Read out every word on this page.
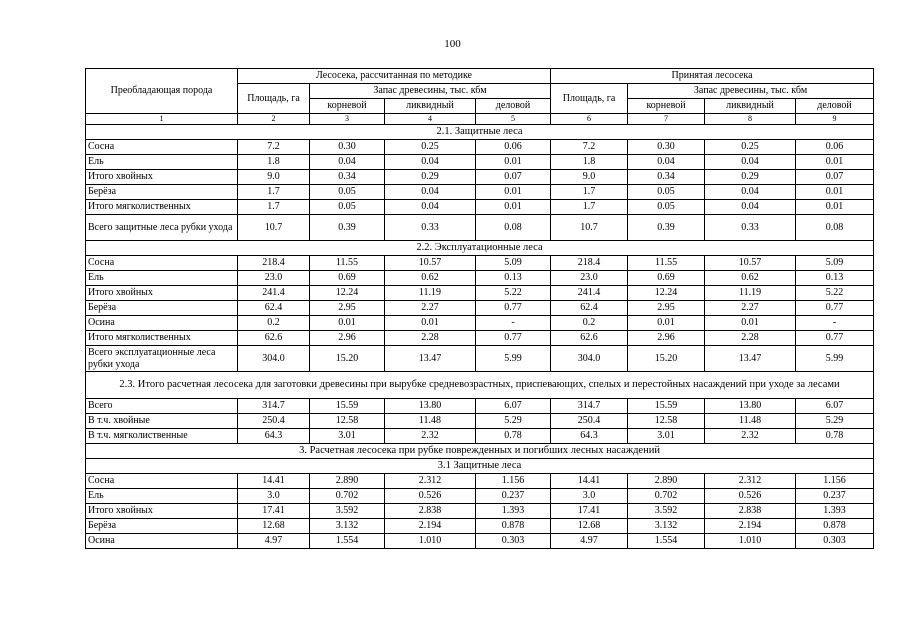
100
Преобладающая порода	Лесосека, рассчитанная по методике				Принятая лесосека			
	Площадь, га	Запас древесины, тыс. кбм			Площадь, га	Запас древесины, тыс. кбм		
		корневой	ликвидный	деловой		корневой	ликвидный	деловой
1	2	3	4	5	6	7	8	9
2.1. Защитные леса								
Сосна	7.2	0.30	0.25	0.06	7.2	0.30	0.25	0.06
Ель	1.8	0.04	0.04	0.01	1.8	0.04	0.04	0.01
Итого хвойных	9.0	0.34	0.29	0.07	9.0	0.34	0.29	0.07
Берёза	1.7	0.05	0.04	0.01	1.7	0.05	0.04	0.01
Итого мягколиственных	1.7	0.05	0.04	0.01	1.7	0.05	0.04	0.01
Всего защитные леса рубки ухода	10.7	0.39	0.33	0.08	10.7	0.39	0.33	0.08
2.2. Эксплуатационные леса								
Сосна	218.4	11.55	10.57	5.09	218.4	11.55	10.57	5.09
Ель	23.0	0.69	0.62	0.13	23.0	0.69	0.62	0.13
Итого хвойных	241.4	12.24	11.19	5.22	241.4	12.24	11.19	5.22
Берёза	62.4	2.95	2.27	0.77	62.4	2.95	2.27	0.77
Осина	0.2	0.01	0.01	-	0.2	0.01	0.01	-
Итого мягколиственных	62.6	2.96	2.28	0.77	62.6	2.96	2.28	0.77
Всего эксплуатационные леса рубки ухода	304.0	15.20	13.47	5.99	304.0	15.20	13.47	5.99
2.3. Итого расчетная лесосека для заготовки древесины при вырубке средневозрастных, приспевающих, спелых и перестойных насаждений при уходе за лесами								
Всего	314.7	15.59	13.80	6.07	314.7	15.59	13.80	6.07
В т.ч. хвойные	250.4	12.58	11.48	5.29	250.4	12.58	11.48	5.29
В т.ч. мягколиственные	64.3	3.01	2.32	0.78	64.3	3.01	2.32	0.78
3. Расчетная лесосека при рубке поврежденных и погибших лесных насаждений								
3.1 Защитные леса								
Сосна	14.41	2.890	2.312	1.156	14.41	2.890	2.312	1.156
Ель	3.0	0.702	0.526	0.237	3.0	0.702	0.526	0.237
Итого хвойных	17.41	3.592	2.838	1.393	17.41	3.592	2.838	1.393
Берёза	12.68	3.132	2.194	0.878	12.68	3.132	2.194	0.878
Осина	4.97	1.554	1.010	0.303	4.97	1.554	1.010	0.303
